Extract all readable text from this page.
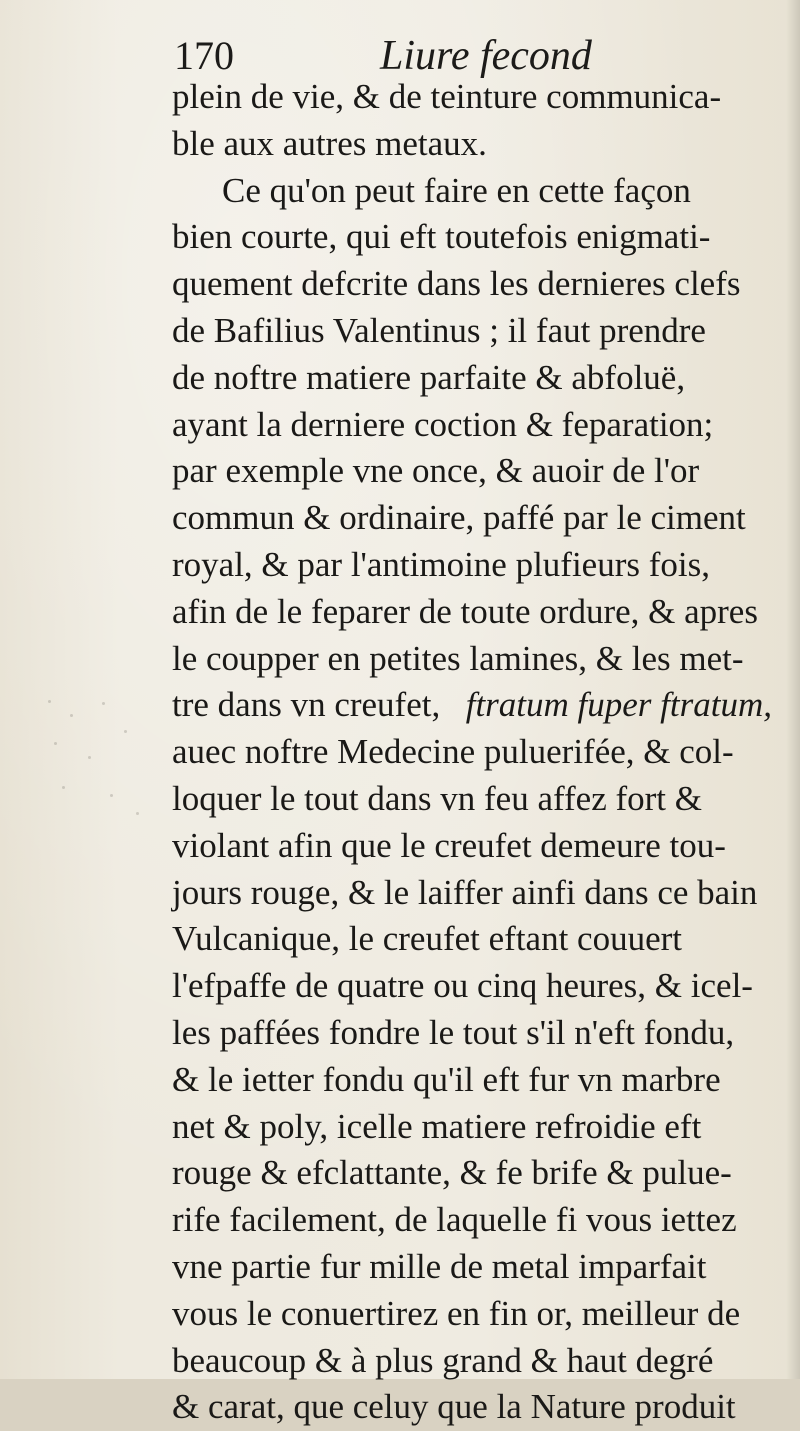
170	Liure fecond
plein de vie, & de teinture communica-
ble aux autres metaux.
Ce qu'on peut faire en cette façon
bien courte, qui eft toutefois enigmati-
quement defcrite dans les dernieres clefs
de Bafilius Valentinus ; il faut prendre
de noftre matiere parfaite & abfoluë,
ayant la derniere coction & feparation;
par exemple vne once, & auoir de l'or
commun & ordinaire, paffé par le ciment
royal, & par l'antimoine plufieurs fois,
afin de le feparer de toute ordure, & apres
le coupper en petites lamines, & les met-
tre dans vn creufet, ftratum fuper ftratum,
auec noftre Medecine puluerifée, & col-
loquer le tout dans vn feu affez fort &
violant afin que le creufet demeure tou-
jours rouge, & le laiffer ainfi dans ce bain
Vulcanique, le creufet eftant couuert
l'efpaffe de quatre ou cinq heures, & icel-
les paffées fondre le tout s'il n'eft fondu,
& le ietter fondu qu'il eft fur vn marbre
net & poly, icelle matiere refroidie eft
rouge & efclattante, & fe brife & pulue-
rife facilement, de laquelle fi vous iettez
vne partie fur mille de metal imparfait
vous le conuertirez en fin or, meilleur de
beaucoup & à plus grand & haut degré
& carat, que celuy que la Nature produit
